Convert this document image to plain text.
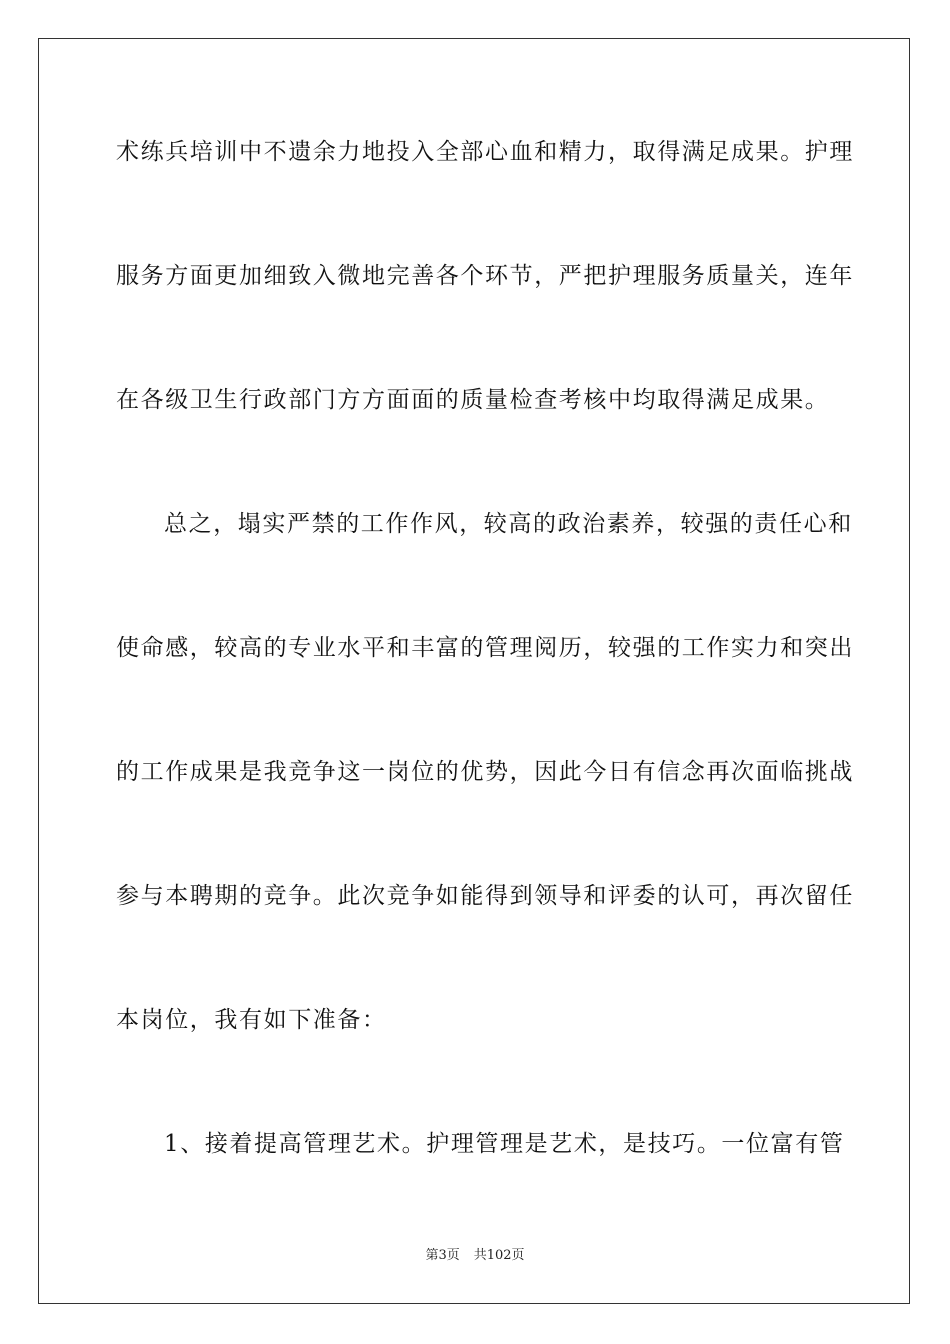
术练兵培训中不遗余力地投入全部心血和精力，取得满足成果。护理
服务方面更加细致入微地完善各个环节，严把护理服务质量关，连年
在各级卫生行政部门方方面面的质量检查考核中均取得满足成果。
总之，塌实严禁的工作作风，较高的政治素养，较强的责任心和
使命感，较高的专业水平和丰富的管理阅历，较强的工作实力和突出
的工作成果是我竞争这一岗位的优势，因此今日有信念再次面临挑战
参与本聘期的竞争。此次竞争如能得到领导和评委的认可，再次留任
本岗位，我有如下准备：
1、接着提高管理艺术。护理管理是艺术，是技巧。一位富有管
第3页 共102页
